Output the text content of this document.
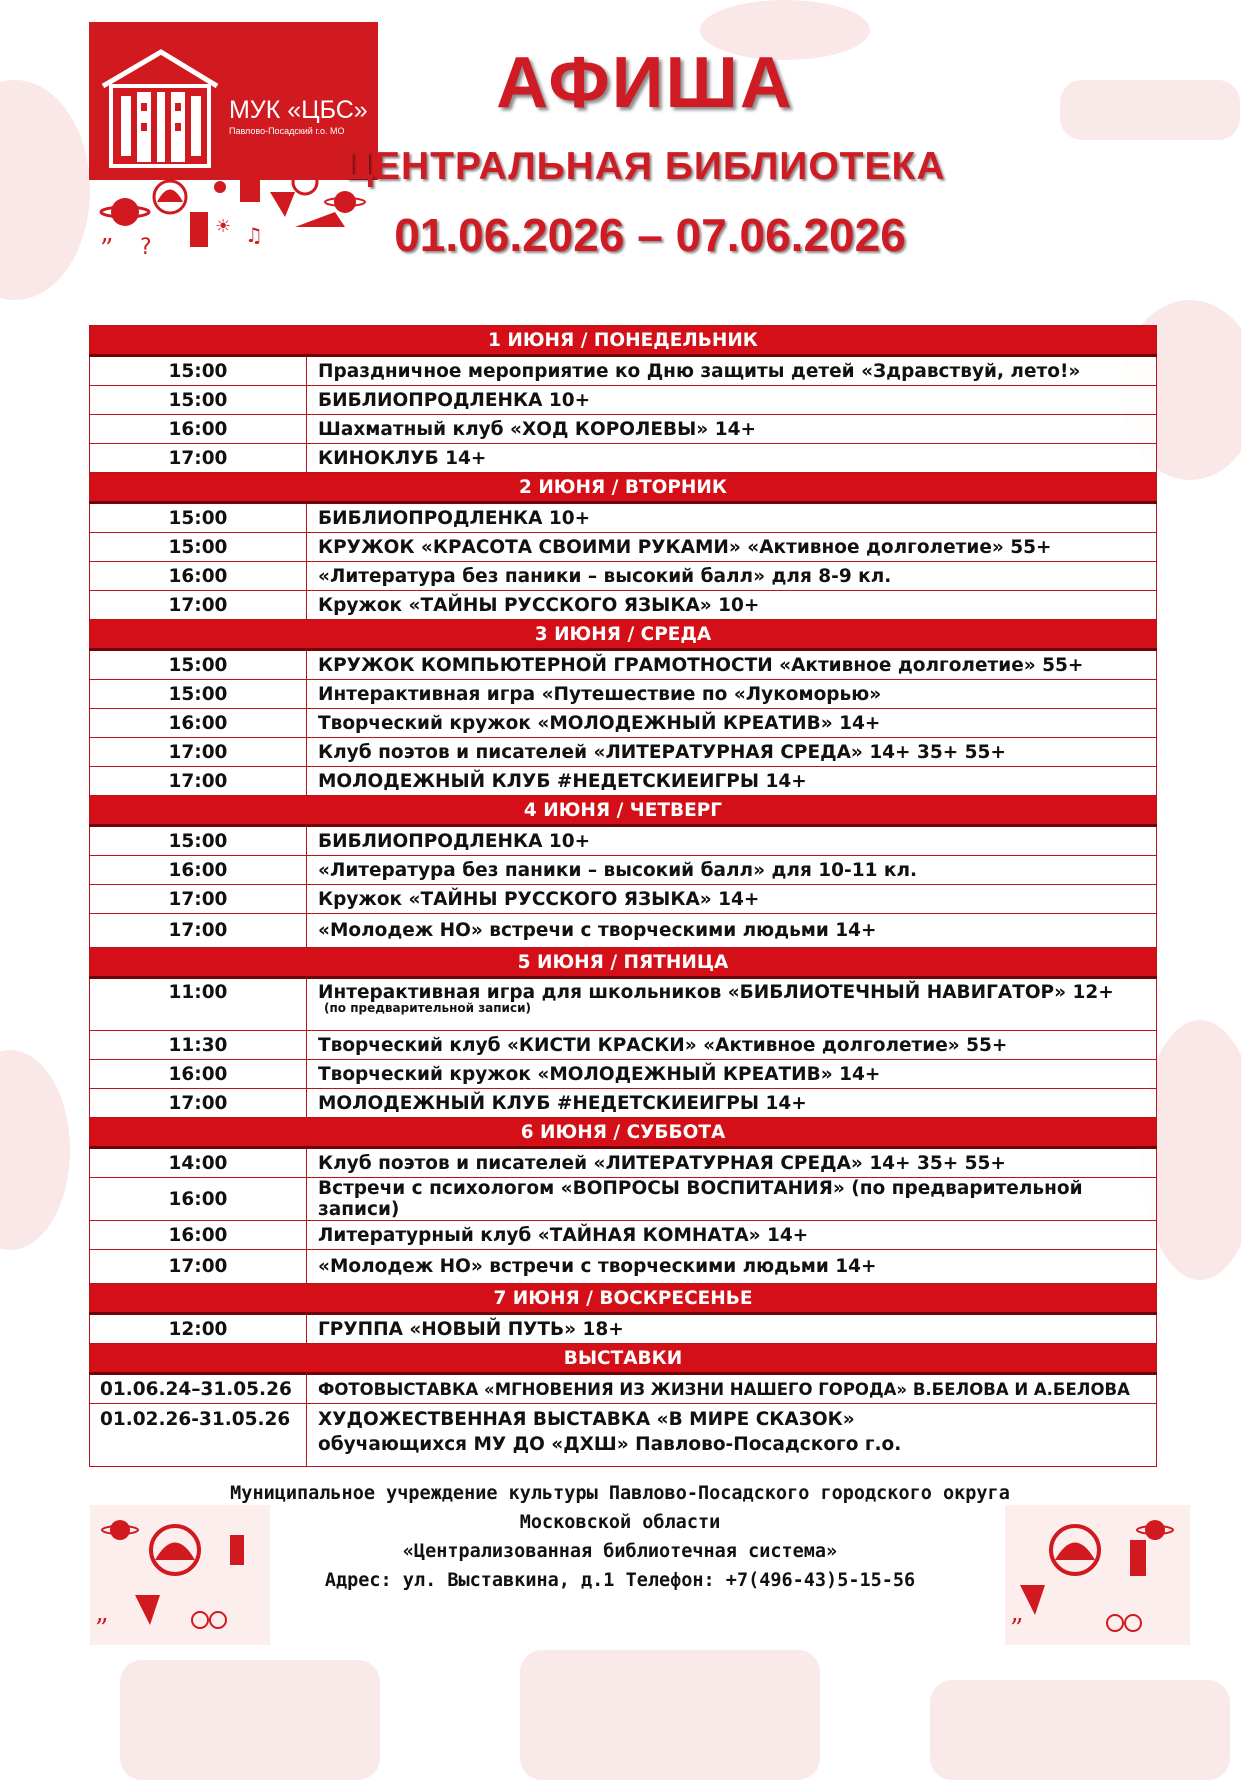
МУК «ЦБС»
Павлово-Посадский г.о. МО
” ?	♫
☀
АФИША
ЦЕНТРАЛЬНАЯ БИБЛИОТЕКА
01.06.2026 – 07.06.2026
1 ИЮНЯ / ПОНЕДЕЛЬНИК	
15:00	Праздничное мероприятие ко Дню защиты детей «Здравствуй, лето!»
15:00	БИБЛИОПРОДЛЕНКА 10+
16:00	Шахматный клуб «ХОД КОРОЛЕВЫ» 14+
17:00	КИНОКЛУБ 14+
2 ИЮНЯ / ВТОРНИК	
15:00	БИБЛИОПРОДЛЕНКА 10+
15:00	КРУЖОК «КРАСОТА СВОИМИ РУКАМИ» «Активное долголетие» 55+
16:00	«Литература без паники – высокий балл» для 8-9 кл.
17:00	Кружок «ТАЙНЫ РУССКОГО ЯЗЫКА» 10+
3 ИЮНЯ / СРЕДА	
15:00	КРУЖОК КОМПЬЮТЕРНОЙ ГРАМОТНОСТИ «Активное долголетие» 55+
15:00	Интерактивная игра «Путешествие по «Лукоморью»
16:00	Творческий кружок «МОЛОДЕЖНЫЙ КРЕАТИВ» 14+
17:00	Клуб поэтов и писателей «ЛИТЕРАТУРНАЯ СРЕДА» 14+ 35+ 55+
17:00	МОЛОДЕЖНЫЙ КЛУБ #НЕДЕТСКИЕИГРЫ 14+
4 ИЮНЯ / ЧЕТВЕРГ	
15:00	БИБЛИОПРОДЛЕНКА 10+
16:00	«Литература без паники – высокий балл» для 10-11 кл.
17:00	Кружок «ТАЙНЫ РУССКОГО ЯЗЫКА» 14+
17:00	«Молодеж НО» встречи с творческими людьми 14+
5 ИЮНЯ / ПЯТНИЦА	
11:00	Интерактивная игра для школьников «БИБЛИОТЕЧНЫЙ НАВИГАТОР» 12+
(по предварительной записи)

11:30	Творческий клуб «КИСТИ КРАСКИ» «Активное долголетие» 55+
16:00	Творческий кружок «МОЛОДЕЖНЫЙ КРЕАТИВ» 14+
17:00	МОЛОДЕЖНЫЙ КЛУБ #НЕДЕТСКИЕИГРЫ 14+
6 ИЮНЯ / СУББОТА	
14:00	Клуб поэтов и писателей «ЛИТЕРАТУРНАЯ СРЕДА» 14+ 35+ 55+
16:00	Встречи с психологом «ВОПРОСЫ ВОСПИТАНИЯ» (по предварительной записи)
16:00	Литературный клуб «ТАЙНАЯ КОМНАТА» 14+
17:00	«Молодеж НО» встречи с творческими людьми 14+
7 ИЮНЯ / ВОСКРЕСЕНЬЕ	
12:00	ГРУППА «НОВЫЙ ПУТЬ» 18+
ВЫСТАВКИ	
01.06.24–31.05.26	ФОТОВЫСТАВКА «МГНОВЕНИЯ ИЗ ЖИЗНИ НАШЕГО ГОРОДА» В.БЕЛОВА И А.БЕЛОВА
01.02.26-31.05.26	ХУДОЖЕСТВЕННАЯ ВЫСТАВКА «В МИРЕ СКАЗОК»
обучающихся МУ ДО «ДХШ» Павлово-Посадского г.о.
”
Муниципальное учреждение культуры Павлово-Посадского городского округа
Московской области
«Централизованная библиотечная система»
Адрес: ул. Выставкина, д.1 Телефон: +7(496-43)5-15-56
”
